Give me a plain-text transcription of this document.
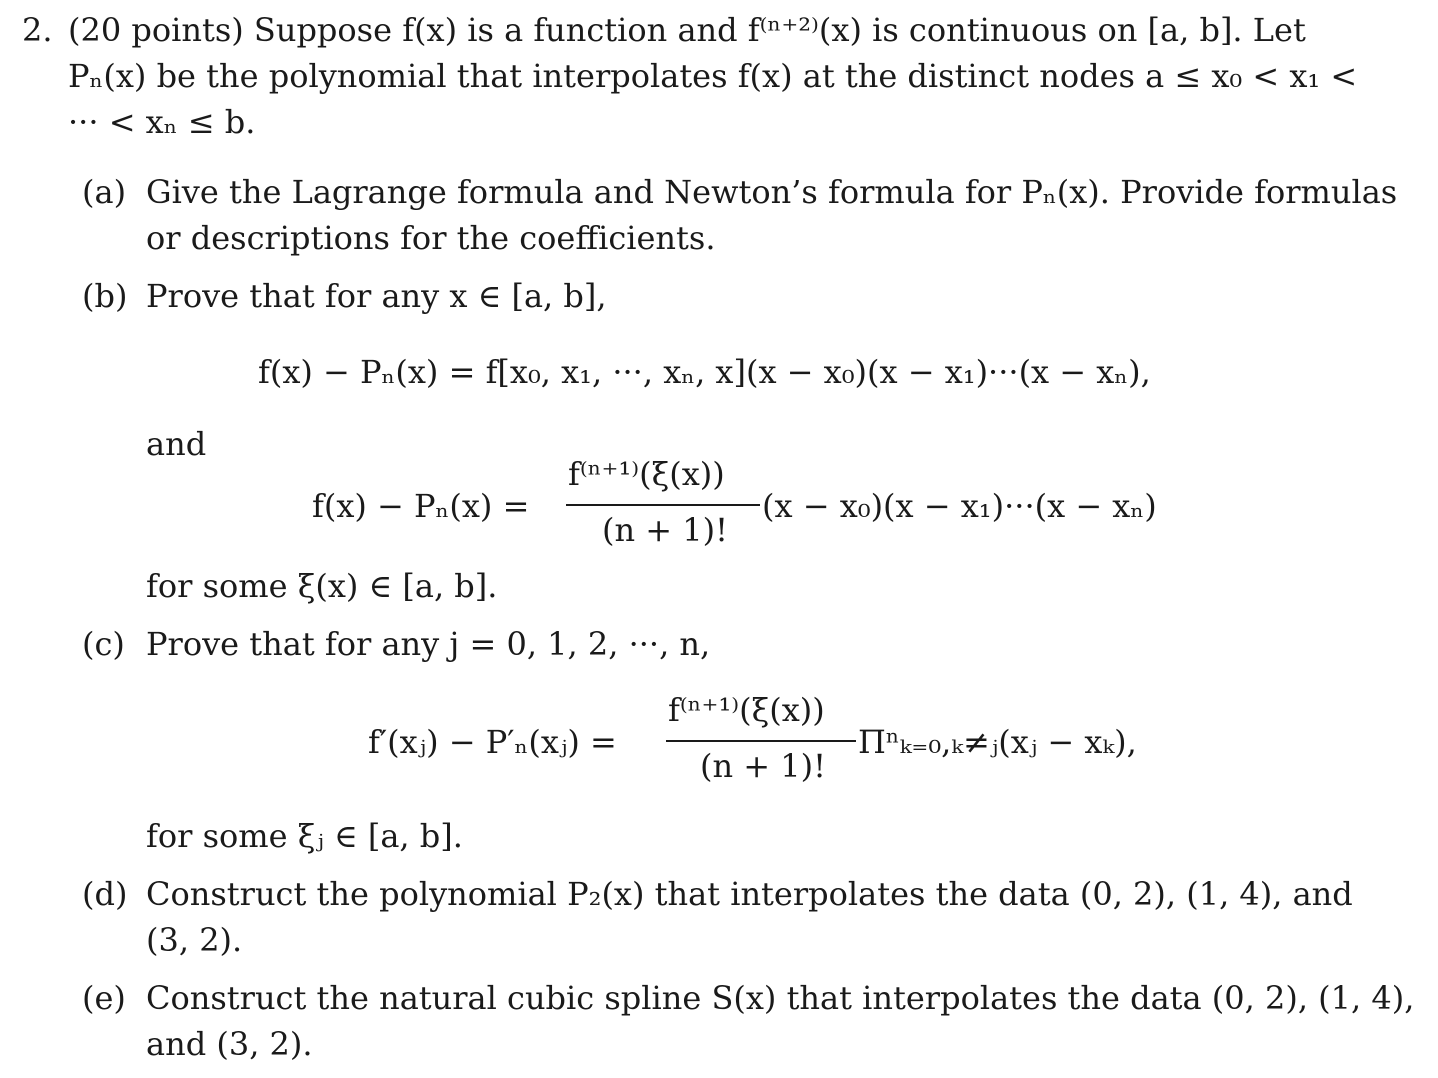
2. (20 points) Suppose f(x) is a function and f⁽ⁿ⁺²⁾(x) is continuous on [a, b]. Let
Pₙ(x) be the polynomial that interpolates f(x) at the distinct nodes a ≤ x₀ < x₁ <
··· < xₙ ≤ b.
(a) Give the Lagrange formula and Newton’s formula for Pₙ(x). Provide formulas
or descriptions for the coefficients.
(b) Prove that for any x ∈ [a, b],
f(x) − Pₙ(x) = f[x₀, x₁, ···, xₙ, x](x − x₀)(x − x₁)···(x − xₙ),
and
f(x) − Pₙ(x) =
f⁽ⁿ⁺¹⁾(ξ(x))
(n + 1)!
(x − x₀)(x − x₁)···(x − xₙ)
for some ξ(x) ∈ [a, b].
(c) Prove that for any j = 0, 1, 2, ···, n,
f′(xⱼ) − P′ₙ(xⱼ) =
f⁽ⁿ⁺¹⁾(ξ(x))
(n + 1)!
Πⁿₖ₌₀,ₖ≠ⱼ(xⱼ − xₖ),
for some ξⱼ ∈ [a, b].
(d) Construct the polynomial P₂(x) that interpolates the data (0, 2), (1, 4), and
(3, 2).
(e) Construct the natural cubic spline S(x) that interpolates the data (0, 2), (1, 4),
and (3, 2).
